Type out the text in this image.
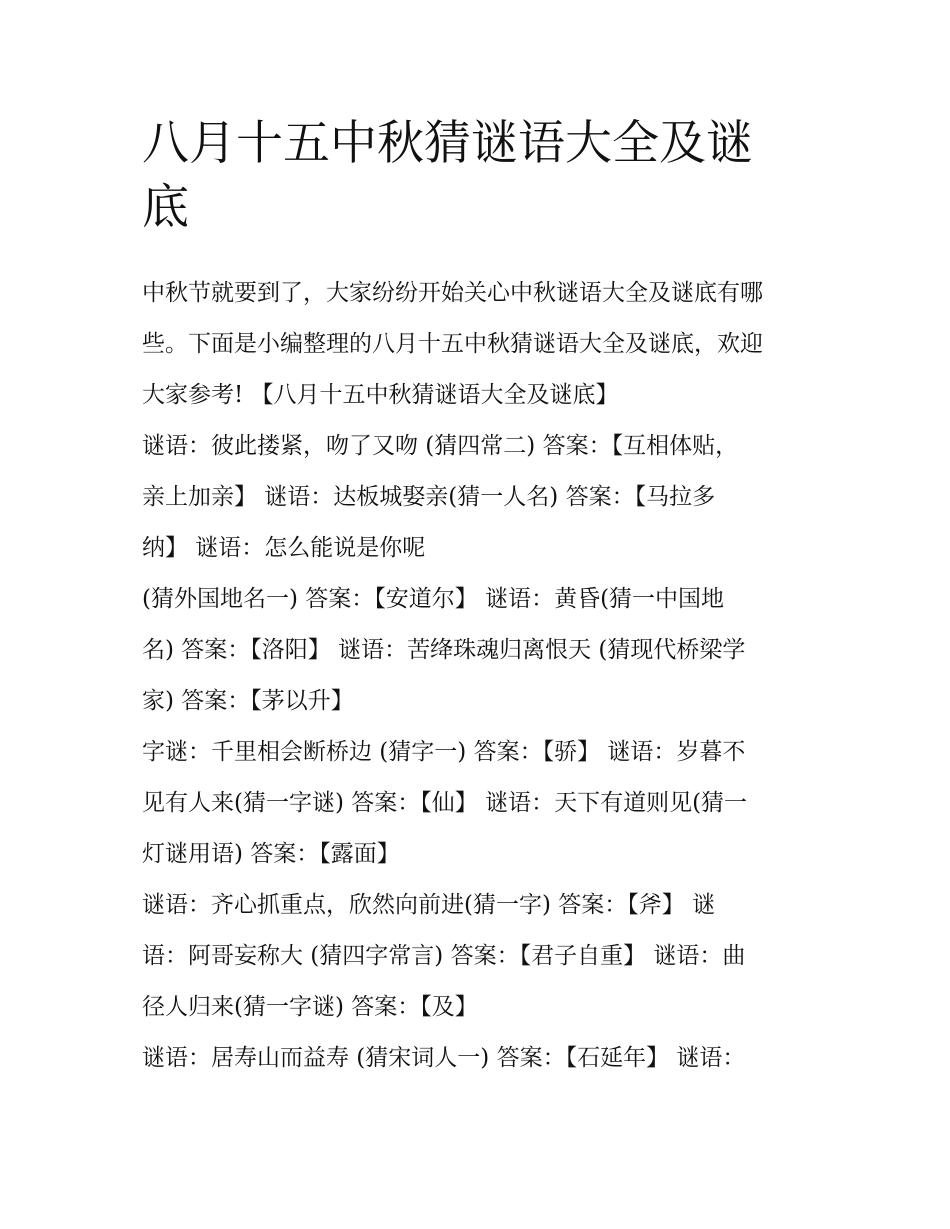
八月十五中秋猜谜语大全及谜
底

中秋节就要到了，大家纷纷开始关心中秋谜语大全及谜底有哪
些。下面是小编整理的八月十五中秋猜谜语大全及谜底，欢迎
大家参考! 【八月十五中秋猜谜语大全及谜底】

谜语：彼此搂紧，吻了又吻 (猜四常二) 答案：【互相体贴，
亲上加亲】 谜语：达板城娶亲(猜一人名) 答案：【马拉多
纳】 谜语：怎么能说是你呢

(猜外国地名一) 答案：【安道尔】 谜语：黄昏(猜一中国地
名) 答案：【洛阳】 谜语：苦绛珠魂归离恨天 (猜现代桥梁学
家) 答案：【茅以升】

字谜：千里相会断桥边 (猜字一) 答案：【骄】 谜语：岁暮不
见有人来(猜一字谜) 答案：【仙】 谜语：天下有道则见(猜一
灯谜用语) 答案：【露面】

谜语：齐心抓重点，欣然向前进(猜一字) 答案：【斧】 谜
语：阿哥妄称大 (猜四字常言) 答案：【君子自重】 谜语：曲
径人归来(猜一字谜) 答案：【及】

谜语：居寿山而益寿 (猜宋词人一) 答案：【石延年】 谜语：
